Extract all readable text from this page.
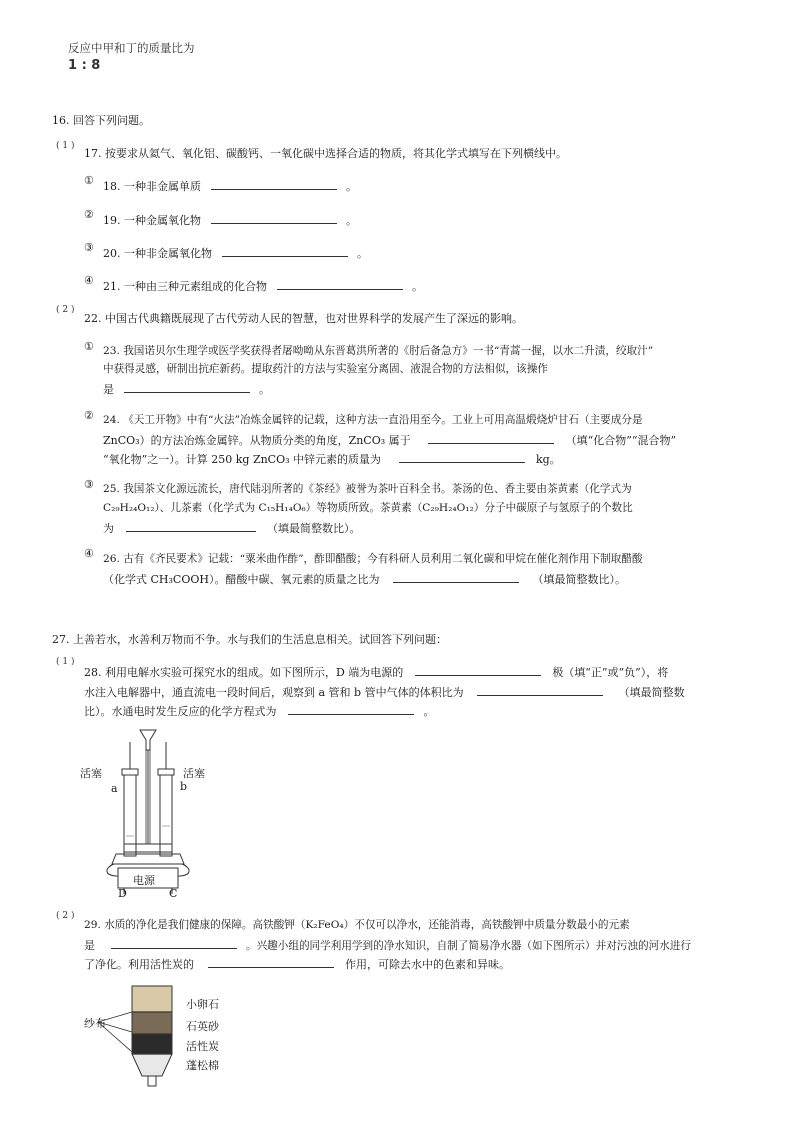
反应中甲和丁的质量比为
1 : 8
16. 回答下列问题。
( 1 )
17. 按要求从氦气、氧化铝、碳酸钙、一氧化碳中选择合适的物质，将其化学式填写在下列横线中。
① 18. 一种非金属单质	。
② 19. 一种金属氧化物	。
③ 20. 一种非金属氧化物	。
④ 21. 一种由三种元素组成的化合物	。
( 2 )
22. 中国古代典籍既展现了古代劳动人民的智慧，也对世界科学的发展产生了深远的影响。
① 23. 我国诺贝尔生理学或医学奖获得者屠呦呦从东晋葛洪所著的《肘后备急方》一书“青蒿一握，以水二升渍，绞取汁”
中获得灵感，研制出抗疟新药。提取药汁的方法与实验室分离固、液混合物的方法相似，该操作
是	。
② 24. 《天工开物》中有“火法”冶炼金属锌的记载，这种方法一直沿用至今。工业上可用高温煅烧炉甘石（主要成分是
ZnCO₃）的方法冶炼金属锌。从物质分类的角度，ZnCO₃ 属于	（填“化合物”“混合物”
“氧化物”之一）。计算 250 kg ZnCO₃ 中锌元素的质量为	kg。
③ 25. 我国茶文化源远流长，唐代陆羽所著的《茶经》被誉为茶叶百科全书。茶汤的色、香主要由茶黄素（化学式为
C₂₉H₂₄O₁₂）、儿茶素（化学式为 C₁₅H₁₄O₆）等物质所致。茶黄素（C₂₉H₂₄O₁₂）分子中碳原子与氢原子的个数比
为	（填最简整数比）。
④ 26. 古有《齐民要术》记载：“粟米曲作酢”，酢即醋酸；今有科研人员利用二氧化碳和甲烷在催化剂作用下制取醋酸
（化学式 CH₃COOH）。醋酸中碳、氧元素的质量之比为	（填最简整数比）。
27. 上善若水，水善利万物而不争。水与我们的生活息息相关。试回答下列问题：
( 1 )
28. 利用电解水实验可探究水的组成。如下图所示，D 端为电源的	极（填“正”或“负”），将
水注入电解器中，通直流电一段时间后，观察到 a 管和 b 管中气体的体积比为	（填最简整数
比）。水通电时发生反应的化学方程式为	。
活塞	活塞
a	b
电源
D	C
( 2 )
29. 水质的净化是我们健康的保障。高铁酸钾（K₂FeO₄）不仅可以净水，还能消毒，高铁酸钾中质量分数最小的元素
是	。兴趣小组的同学利用学到的净水知识，自制了简易净水器（如下图所示）并对污浊的河水进行
了净化。利用活性炭的	作用，可除去水中的色素和异味。
纱布
小卵石
石英砂
活性炭
蓬松棉
